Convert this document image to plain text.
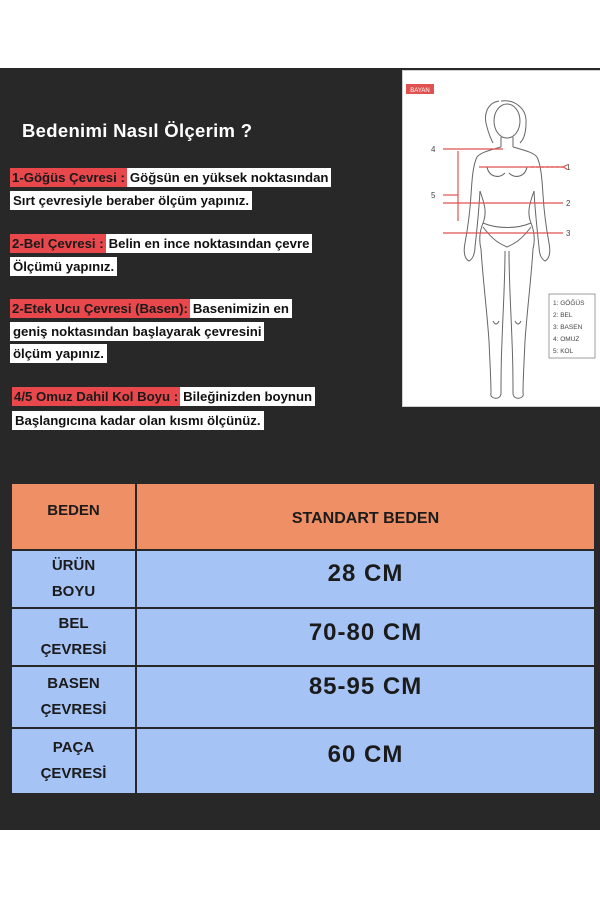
Bedenimi Nasıl Ölçerim ?
1-Göğüs Çevresi : Göğsün en yüksek noktasından
Sırt çevresiyle beraber ölçüm yapınız.
2-Bel Çevresi : Belin en ince noktasından çevre
Ölçümü yapınız.
2-Etek Ucu Çevresi (Basen): Basenimizin en
geniş noktasından başlayarak çevresini
ölçüm yapınız.
4/5 Omuz Dahil Kol Boyu : Bileğinizden boynun
Başlangıcına kadar olan kısmı ölçünüz.
BAYAN
1
2
3
4
5
1: GÖĞÜS
2: BEL
3: BASEN
4: OMUZ
5: KOL
BEDEN	STANDART BEDEN
ÜRÜN
BOYU
28 CM
BEL
ÇEVRESİ
70-80 CM
BASEN
ÇEVRESİ
85-95 CM
PAÇA
ÇEVRESİ
60 CM
